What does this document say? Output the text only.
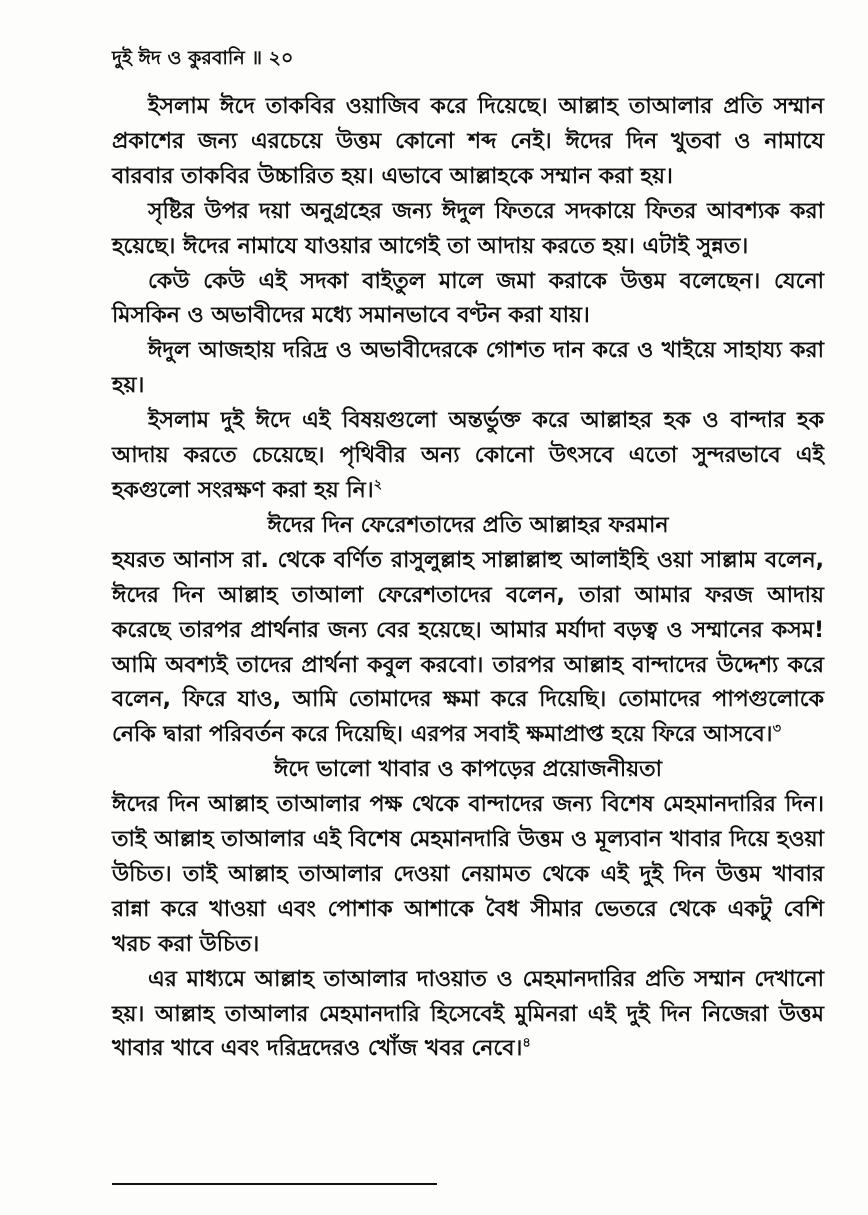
দুই ঈদ ও কুরবানি ॥ ২০

ইসলাম ঈদে তাকবির ওয়াজিব করে দিয়েছে। আল্লাহ তাআলার প্রতি সম্মান প্রকাশের জন্য এরচেয়ে উত্তম কোনো শব্দ নেই। ঈদের দিন খুতবা ও নামাযে বারবার তাকবির উচ্চারিত হয়। এভাবে আল্লাহকে সম্মান করা হয়।

সৃষ্টির উপর দয়া অনুগ্রহের জন্য ঈদুল ফিতরে সদকায়ে ফিতর আবশ্যক করা হয়েছে। ঈদের নামাযে যাওয়ার আগেই তা আদায় করতে হয়। এটাই সুন্নত।

কেউ কেউ এই সদকা বাইতুল মালে জমা করাকে উত্তম বলেছেন। যেনো মিসকিন ও অভাবীদের মধ্যে সমানভাবে বণ্টন করা যায়।

ঈদুল আজহায় দরিদ্র ও অভাবীদেরকে গোশত দান করে ও খাইয়ে সাহায্য করা হয়।

ইসলাম দুই ঈদে এই বিষয়গুলো অন্তর্ভুক্ত করে আল্লাহর হক ও বান্দার হক আদায় করতে চেয়েছে। পৃথিবীর অন্য কোনো উৎসবে এতো সুন্দরভাবে এই হকগুলো সংরক্ষণ করা হয় নি।$^২$

ঈদের দিন ফেরেশতাদের প্রতি আল্লাহর ফরমান

হযরত আনাস রা. থেকে বর্ণিত রাসুলুল্লাহ সাল্লাল্লাহু আলাইহি ওয়া সাল্লাম বলেন, ঈদের দিন আল্লাহ তাআলা ফেরেশতাদের বলেন, তারা আমার ফরজ আদায় করেছে তারপর প্রার্থনার জন্য বের হয়েছে। আমার মর্যাদা বড়ত্ব ও সম্মানের কসম! আমি অবশ্যই তাদের প্রার্থনা কবুল করবো। তারপর আল্লাহ বান্দাদের উদ্দেশ্য করে বলেন, ফিরে যাও, আমি তোমাদের ক্ষমা করে দিয়েছি। তোমাদের পাপগুলোকে নেকি দ্বারা পরিবর্তন করে দিয়েছি। এরপর সবাই ক্ষমাপ্রাপ্ত হয়ে ফিরে আসবে।$^৩$

ঈদে ভালো খাবার ও কাপড়ের প্রয়োজনীয়তা

ঈদের দিন আল্লাহ তাআলার পক্ষ থেকে বান্দাদের জন্য বিশেষ মেহমানদারির দিন। তাই আল্লাহ তাআলার এই বিশেষ মেহমানদারি উত্তম ও মূল্যবান খাবার দিয়ে হওয়া উচিত। তাই আল্লাহ তাআলার দেওয়া নেয়ামত থেকে এই দুই দিন উত্তম খাবার রান্না করে খাওয়া এবং পোশাক আশাকে বৈধ সীমার ভেতরে থেকে একটু বেশি খরচ করা উচিত।

এর মাধ্যমে আল্লাহ তাআলার দাওয়াত ও মেহমানদারির প্রতি সম্মান দেখানো হয়। আল্লাহ তাআলার মেহমানদারি হিসেবেই মুমিনরা এই দুই দিন নিজেরা উত্তম খাবার খাবে এবং দরিদ্রদেরও খোঁজ খবর নেবে।$^৪$
